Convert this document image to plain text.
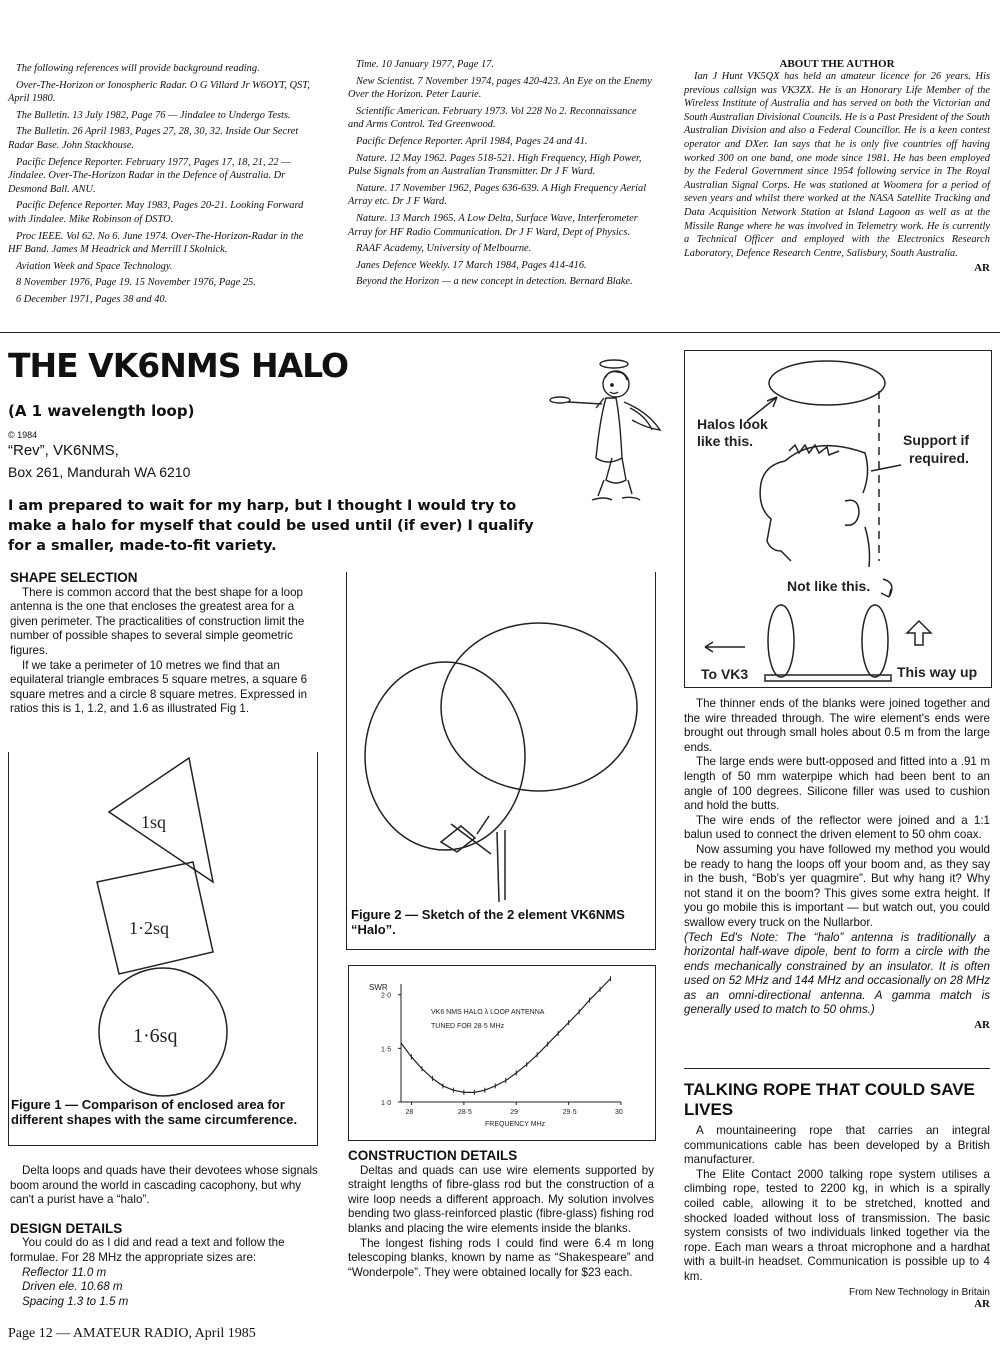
The following references will provide background reading.

Over-The-Horizon or Ionospheric Radar. O G Villard Jr W6OYT, QST, April 1980.

The Bulletin. 13 July 1982, Page 76 — Jindalee to Undergo Tests.

The Bulletin. 26 April 1983, Pages 27, 28, 30, 32. Inside Our Secret Radar Base. John Stackhouse.

Pacific Defence Reporter. February 1977, Pages 17, 18, 21, 22 — Jindalee. Over-The-Horizon Radar in the Defence of Australia. Dr Desmond Ball. ANU.

Pacific Defence Reporter. May 1983, Pages 20-21. Looking Forward with Jindalee. Mike Robinson of DSTO.

Proc IEEE. Vol 62. No 6. June 1974. Over-The-Horizon-Radar in the HF Band. James M Headrick and Merrill I Skolnick.

Aviation Week and Space Technology.

8 November 1976, Page 19. 15 November 1976, Page 25.

6 December 1971, Pages 38 and 40.

Time. 10 January 1977, Page 17.

New Scientist. 7 November 1974, pages 420-423. An Eye on the Enemy Over the Horizon. Peter Laurie.

Scientific American. February 1973. Vol 228 No 2. Reconnaissance and Arms Control. Ted Greenwood.

Pacific Defence Reporter. April 1984, Pages 24 and 41.

Nature. 12 May 1962. Pages 518-521. High Frequency, High Power, Pulse Signals from an Australian Transmitter. Dr J F Ward.

Nature. 17 November 1962, Pages 636-639. A High Frequency Aerial Array etc. Dr J F Ward.

Nature. 13 March 1965. A Low Delta, Surface Wave, Interferometer Array for HF Radio Communication. Dr J F Ward, Dept of Physics.

RAAF Academy, University of Melbourne.

Janes Defence Weekly. 17 March 1984, Pages 414-416.

Beyond the Horizon — a new concept in detection. Bernard Blake.

ABOUT THE AUTHOR
Ian J Hunt VK5QX has held an amateur licence for 26 years. His previous callsign was VK3ZX. He is an Honorary Life Member of the Wireless Institute of Australia and has served on both the Victorian and South Australian Divisional Councils. He is a Past President of the South Australian Division and also a Federal Councillor. He is a keen contest operator and DXer. Ian says that he is only five countries off having worked 300 on one band, one mode since 1981. He has been employed by the Federal Government since 1954 following service in The Royal Australian Signal Corps. He was stationed at Woomera for a period of seven years and whilst there worked at the NASA Satellite Tracking and Data Acquisition Network Station at Island Lagoon as well as at the Missile Range where he was involved in Telemetry work. He is currently a Technical Officer and employed with the Electronics Research Laboratory, Defence Research Centre, Salisbury, South Australia.
AR
THE VK6NMS HALO
(A 1 wavelength loop)
© 1984
“Rev”, VK6NMS,
Box 261, Mandurah WA 6210
I am prepared to wait for my harp, but I thought I would try to make a halo for myself that could be used until (if ever) I qualify for a smaller, made-to-fit variety.
SHAPE SELECTION

There is common accord that the best shape for a loop antenna is the one that encloses the greatest area for a given perimeter. The practicalities of construction limit the number of possible shapes to several simple geometric figures.

If we take a perimeter of 10 metres we find that an equilateral triangle embraces 5 square metres, a square 6 square metres and a circle 8 square metres. Expressed in ratios this is 1, 1.2, and 1.6 as illustrated Fig 1.

1sq
1·2sq
1·6sq
Figure 1 — Comparison of enclosed area for different shapes with the same circumference.

Delta loops and quads have their devotees whose signals boom around the world in cascading cacophony, but why can't a purist have a “halo”.

DESIGN DETAILS

You could do as I did and read a text and follow the formulae. For 28 MHz the appropriate sizes are:

Reflector 11.0 m

Driven ele. 10.68 m

Spacing 1.3 to 1.5 m

Figure 2 — Sketch of the 2 element VK6NMS “Halo”.
SWR
VK6 NMS HALO λ LOOP ANTENNA
TUNED FOR 28·5 MHz
FREQUENCY MHz
28	28·5	29	29·5	30
1·0
1·5
2·0
CONSTRUCTION DETAILS

Deltas and quads can use wire elements supported by straight lengths of fibre-glass rod but the construction of a wire loop needs a different approach. My solution involves bending two glass-reinforced plastic (fibre-glass) fishing rod blanks and placing the wire elements inside the blanks.

The longest fishing rods I could find were 6.4 m long telescoping blanks, known by name as “Shakespeare” and “Wonderpole”. They were obtained locally for $23 each.

Halos look like this.	Support if required.
Not like this.
To VK3	This way up

The thinner ends of the blanks were joined together and the wire threaded through. The wire element's ends were brought out through small holes about 0.5 m from the large ends.

The large ends were butt-opposed and fitted into a .91 m length of 50 mm waterpipe which had been bent to an angle of 100 degrees. Silicone filler was used to cushion and hold the butts.

The wire ends of the reflector were joined and a 1:1 balun used to connect the driven element to 50 ohm coax.

Now assuming you have followed my method you would be ready to hang the loops off your boom and, as they say in the bush, “Bob's yer quagmire”. But why hang it? Why not stand it on the boom? This gives some extra height. If you go mobile this is important — but watch out, you could swallow every truck on the Nullarbor.

(Tech Ed's Note: The “halo” antenna is traditionally a horizontal half-wave dipole, bent to form a circle with the ends mechanically constrained by an insulator. It is often used on 52 MHz and 144 MHz and occasionally on 28 MHz as an omni-directional antenna. A gamma match is generally used to match to 50 ohms.)

AR
TALKING ROPE THAT COULD SAVE LIVES

A mountaineering rope that carries an integral communications cable has been developed by a British manufacturer.

The Elite Contact 2000 talking rope system utilises a climbing rope, tested to 2200 kg, in which is a spirally coiled cable, allowing it to be stretched, knotted and shocked loaded without loss of transmission. The basic system consists of two individuals linked together via the rope. Each man wears a throat microphone and a hardhat with a built-in headset. Communication is possible up to 4 km.

From New Technology in Britain
AR
Page 12 — AMATEUR RADIO, April 1985
